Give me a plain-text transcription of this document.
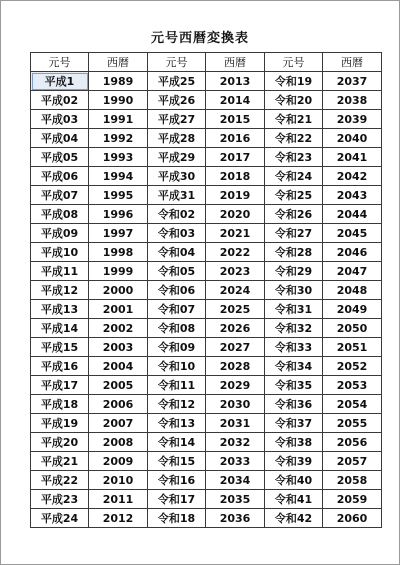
元号西暦変換表
元号	西暦	元号	西暦	元号	西暦
平成1	1989	平成25	2013	令和19	2037
平成02	1990	平成26	2014	令和20	2038
平成03	1991	平成27	2015	令和21	2039
平成04	1992	平成28	2016	令和22	2040
平成05	1993	平成29	2017	令和23	2041
平成06	1994	平成30	2018	令和24	2042
平成07	1995	平成31	2019	令和25	2043
平成08	1996	令和02	2020	令和26	2044
平成09	1997	令和03	2021	令和27	2045
平成10	1998	令和04	2022	令和28	2046
平成11	1999	令和05	2023	令和29	2047
平成12	2000	令和06	2024	令和30	2048
平成13	2001	令和07	2025	令和31	2049
平成14	2002	令和08	2026	令和32	2050
平成15	2003	令和09	2027	令和33	2051
平成16	2004	令和10	2028	令和34	2052
平成17	2005	令和11	2029	令和35	2053
平成18	2006	令和12	2030	令和36	2054
平成19	2007	令和13	2031	令和37	2055
平成20	2008	令和14	2032	令和38	2056
平成21	2009	令和15	2033	令和39	2057
平成22	2010	令和16	2034	令和40	2058
平成23	2011	令和17	2035	令和41	2059
平成24	2012	令和18	2036	令和42	2060
